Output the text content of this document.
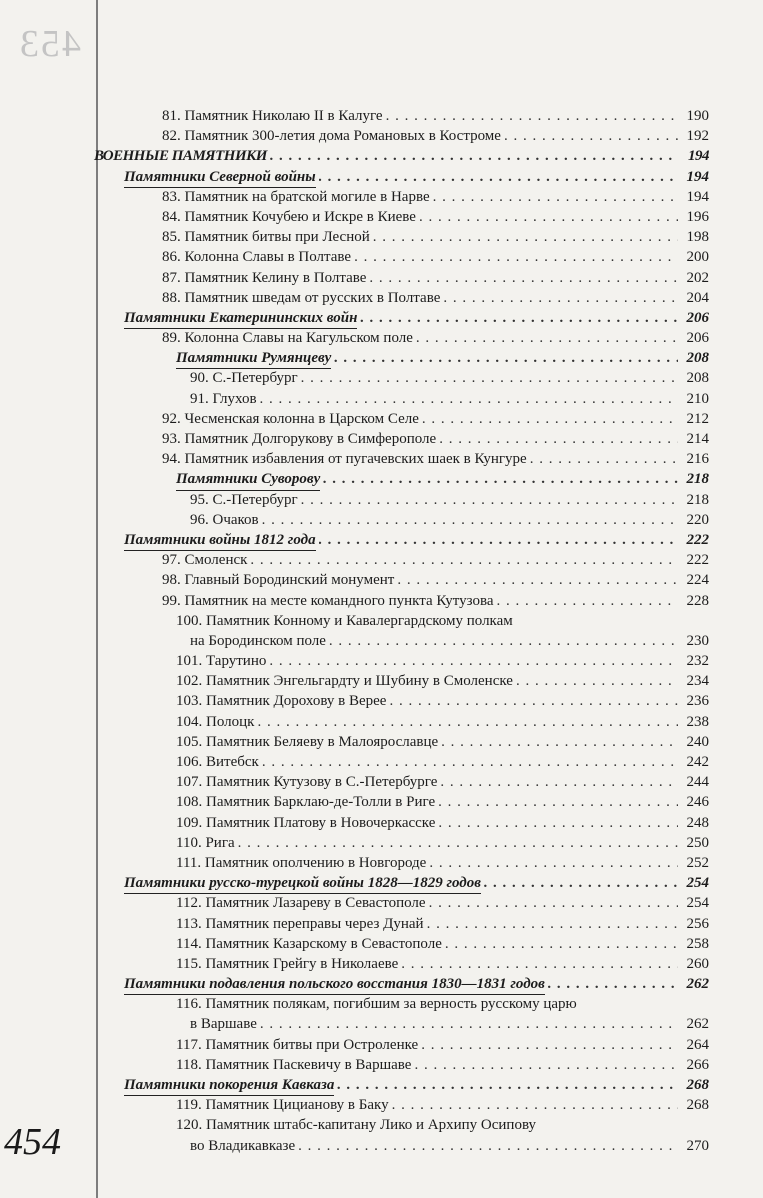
453
81. Памятник Николаю II в Калуге . . .	190
82. Памятник 300-летия дома Романовых в Костроме . . .	192
ВОЕННЫЕ ПАМЯТНИКИ . . .	194
Памятники Северной войны . . .	194
83. Памятник на братской могиле в Нарве . . .	194
84. Памятник Кочубею и Искре в Киеве . . .	196
85. Памятник битвы при Лесной . . .	198
86. Колонна Славы в Полтаве . . .	200
87. Памятник Келину в Полтаве . . .	202
88. Памятник шведам от русских в Полтаве . . .	204
Памятники Екатерининских войн . . .	206
89. Колонна Славы на Кагульском поле . . .	206
Памятники Румянцеву . . .	208
90. С.-Петербург . . .	208
91. Глухов . . .	210
92. Чесменская колонна в Царском Селе . . .	212
93. Памятник Долгорукову в Симферополе . . .	214
94. Памятник избавления от пугачевских шаек в Кунгуре . . .	216
Памятники Суворову . . .	218
95. С.-Петербург . . .	218
96. Очаков . . .	220
Памятники войны 1812 года . . .	222
97. Смоленск . . .	222
98. Главный Бородинский монумент . . .	224
99. Памятник на месте командного пункта Кутузова . . .	228
100. Памятник Конному и Кавалергардскому полкам
на Бородинском поле . . .	230
101. Тарутино . . .	232
102. Памятник Энгельгардту и Шубину в Смоленске . . .	234
103. Памятник Дорохову в Верее . . .	236
104. Полоцк . . .	238
105. Памятник Беляеву в Малоярославце . . .	240
106. Витебск . . .	242
107. Памятник Кутузову в С.-Петербурге . . .	244
108. Памятник Барклаю-де-Толли в Риге . . .	246
109. Памятник Платову в Новочеркасске . . .	248
110. Рига . . .	250
111. Памятник ополчению в Новгороде . . .	252
Памятники русско-турецкой войны 1828—1829 годов . . .	254
112. Памятник Лазареву в Севастополе . . .	254
113. Памятник переправы через Дунай . . .	256
114. Памятник Казарскому в Севастополе . . .	258
115. Памятник Грейгу в Николаеве . . .	260
Памятники подавления польского восстания 1830—1831 годов . . .	262
116. Памятник полякам, погибшим за верность русскому царю
в Варшаве . . .	262
117. Памятник битвы при Остроленке . . .	264
118. Памятник Паскевичу в Варшаве . . .	266
Памятники покорения Кавказа . . .	268
119. Памятник Цицианову в Баку . . .	268
120. Памятник штабс-капитану Лико и Архипу Осипову
во Владикавказе . . .	270
454
